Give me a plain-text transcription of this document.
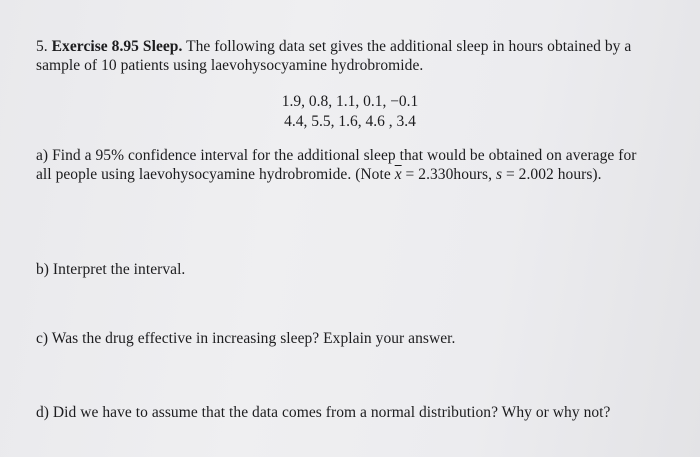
5. Exercise 8.95 Sleep. The following data set gives the additional sleep in hours obtained by a
sample of 10 patients using laevohysocyamine hydrobromide.
1.9, 0.8, 1.1, 0.1, −0.1
4.4, 5.5, 1.6, 4.6 , 3.4
a) Find a 95% confidence interval for the additional sleep that would be obtained on average for
all people using laevohysocyamine hydrobromide. (Note $\overline{x}$ = 2.330hours, s = 2.002 hours).
b) Interpret the interval.
c) Was the drug effective in increasing sleep? Explain your answer.
d) Did we have to assume that the data comes from a normal distribution? Why or why not?
